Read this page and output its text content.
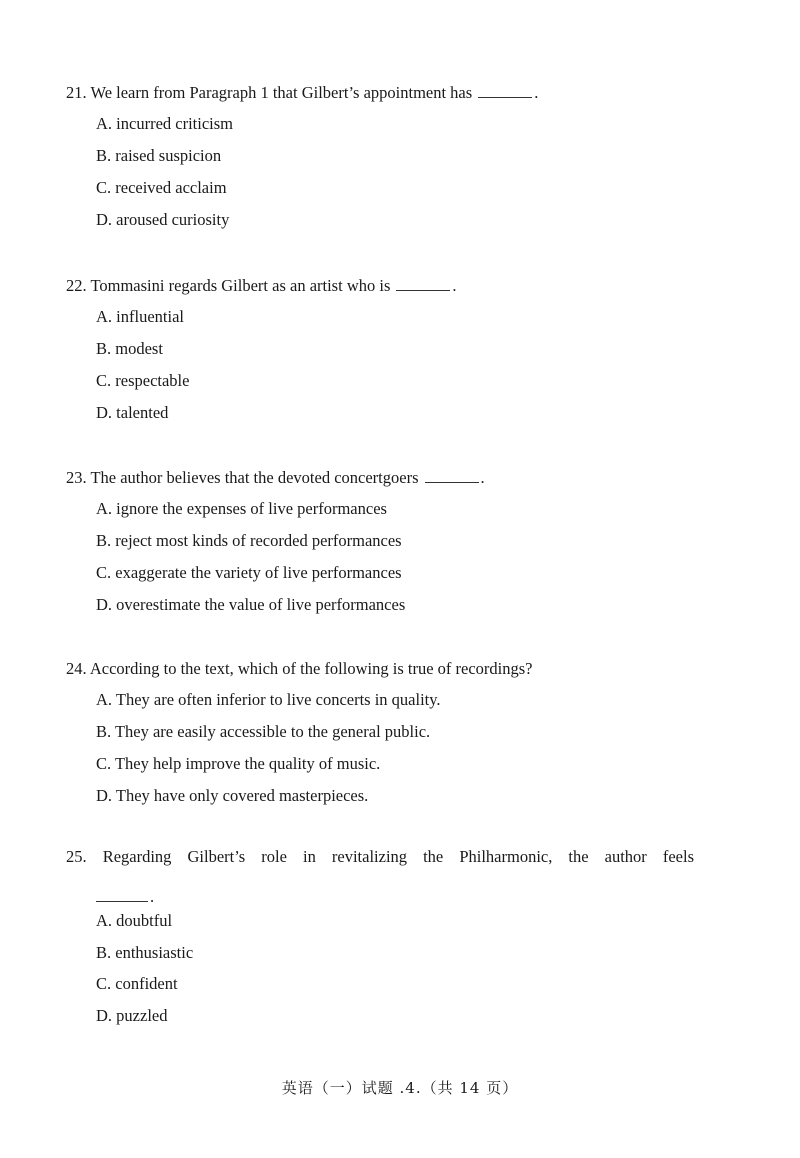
21. We learn from Paragraph 1 that Gilbert’s appointment has	.
A. incurred criticism
B. raised suspicion
C. received acclaim
D. aroused curiosity
22. Tommasini regards Gilbert as an artist who is	.
A. influential
B. modest
C. respectable
D. talented
23. The author believes that the devoted concertgoers	.
A. ignore the expenses of live performances
B. reject most kinds of recorded performances
C. exaggerate the variety of live performances
D. overestimate the value of live performances
24. According to the text, which of the following is true of recordings?
A. They are often inferior to live concerts in quality.
B. They are easily accessible to the general public.
C. They help improve the quality of music.
D. They have only covered masterpieces.
25. Regarding Gilbert’s role in revitalizing the Philharmonic, the author feels
.
A. doubtful
B. enthusiastic
C. confident
D. puzzled
英语（一）试题 .4.（共 14 页）
